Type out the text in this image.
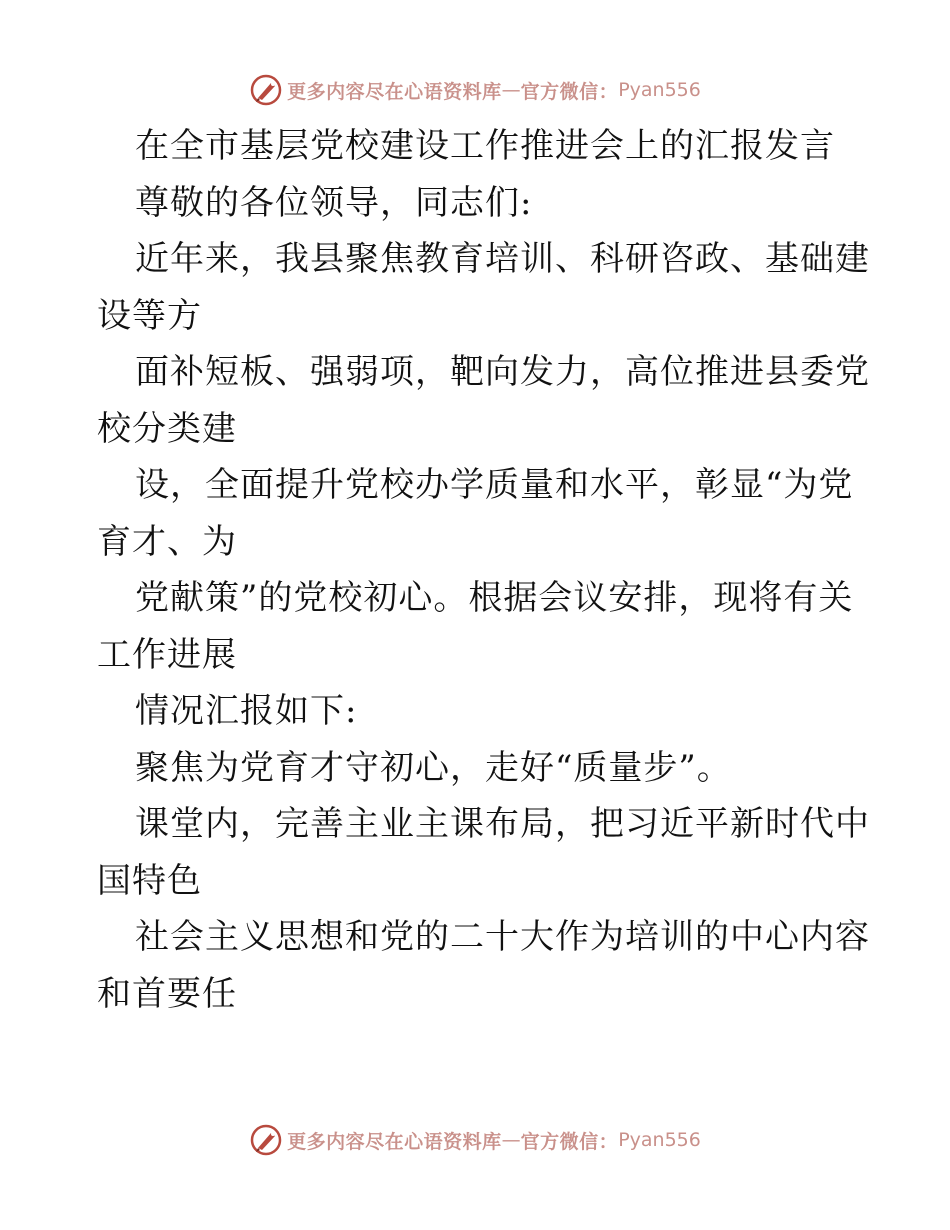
更多内容尽在心语资料库 — 官方微信： Pyan556
在全市基层党校建设工作推进会上的汇报发言
尊敬的各位领导，同志们:
近年来，我县聚焦教育培训、科研咨政、基础建
设等方
面补短板、强弱项，靶向发力，高位推进县委党
校分类建
设，全面提升党校办学质量和水平，彰显“为党
育才、为
党献策”的党校初心。根据会议安排，现将有关
工作进展
情况汇报如下:
聚焦为党育才守初心，走好“质量步”。
课堂内，完善主业主课布局，把习近平新时代中
国特色
社会主义思想和党的二十大作为培训的中心内容
和首要任
更多内容尽在心语资料库 — 官方微信： Pyan556
